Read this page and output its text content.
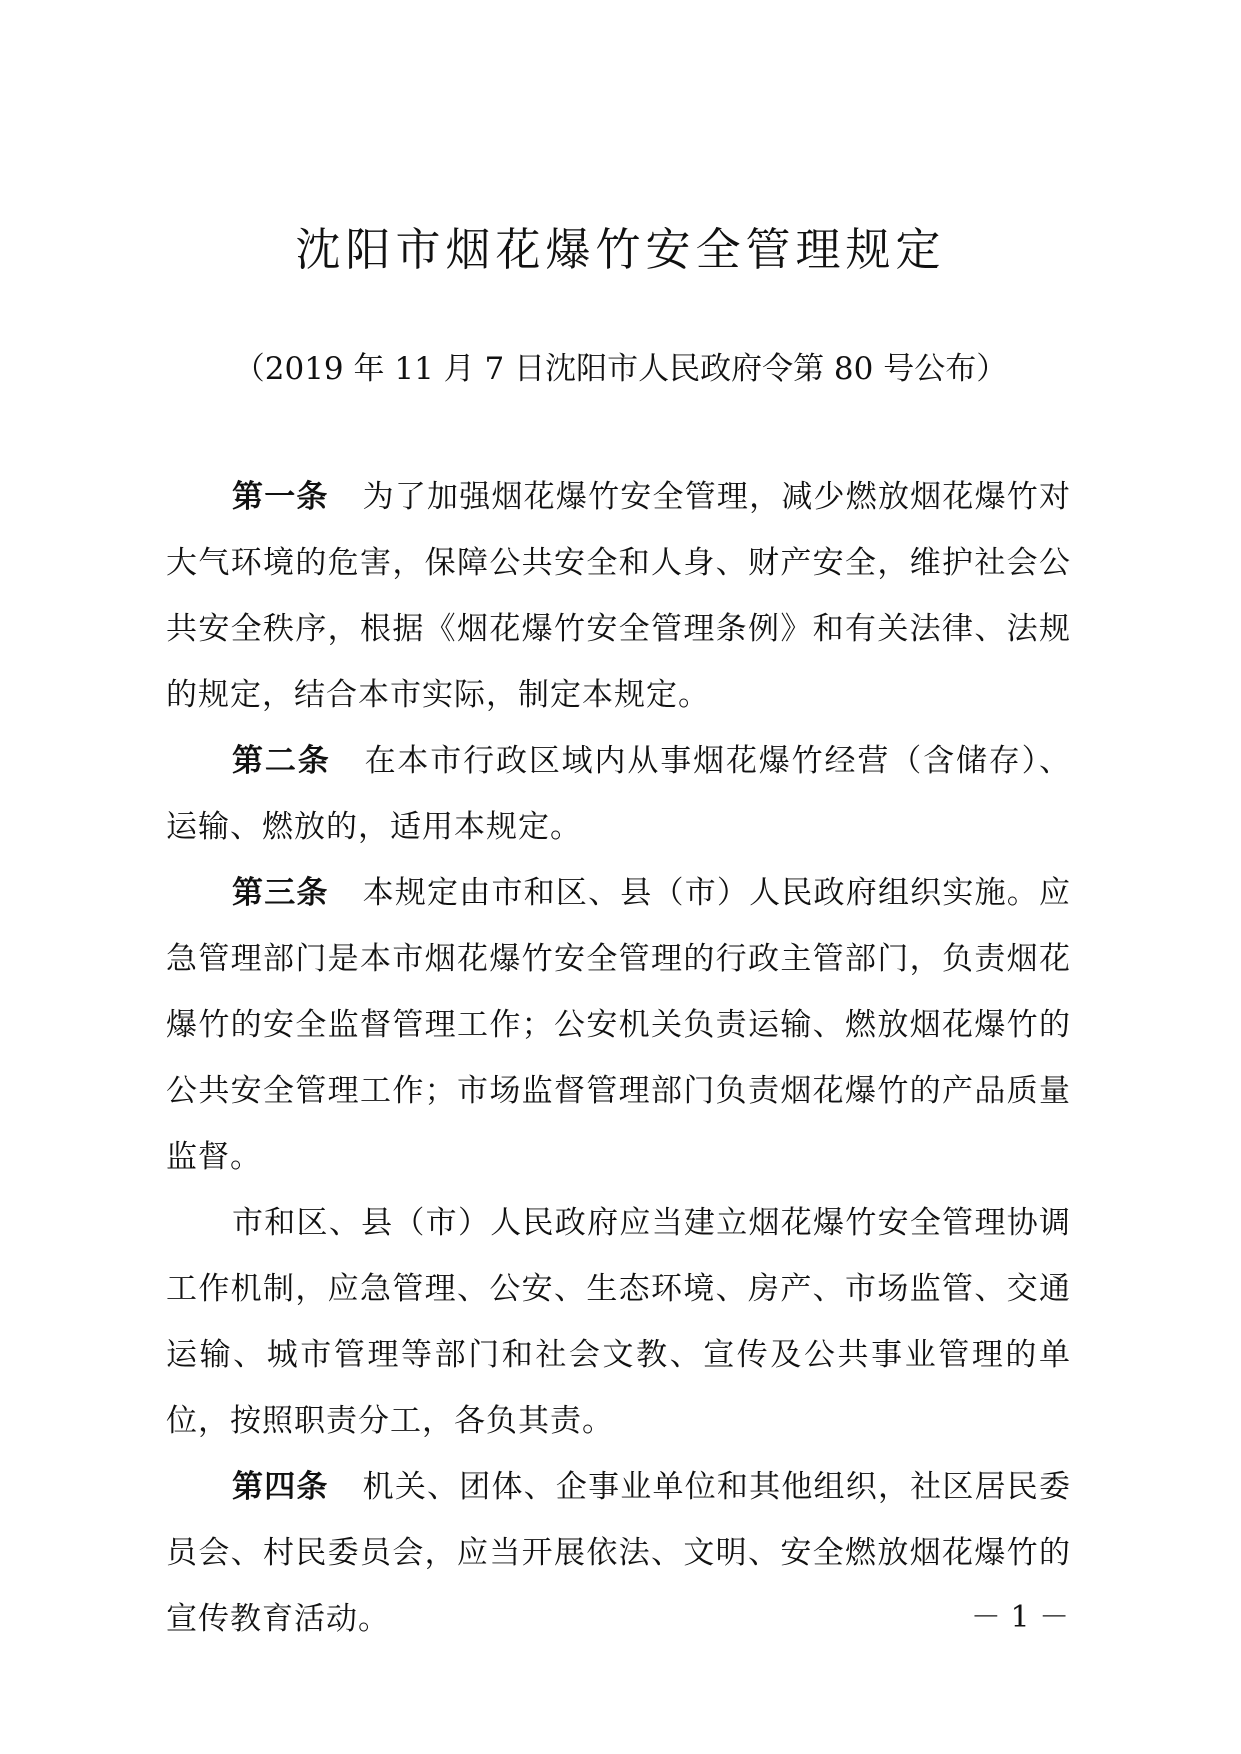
沈阳市烟花爆竹安全管理规定

（2019 年 11 月 7 日沈阳市人民政府令第 80 号公布）

第一条 为了加强烟花爆竹安全管理，减少燃放烟花爆竹对大气环境的危害，保障公共安全和人身、财产安全，维护社会公共安全秩序，根据《烟花爆竹安全管理条例》和有关法律、法规的规定，结合本市实际，制定本规定。

第二条 在本市行政区域内从事烟花爆竹经营（含储存）、运输、燃放的，适用本规定。

第三条 本规定由市和区、县（市）人民政府组织实施。应急管理部门是本市烟花爆竹安全管理的行政主管部门，负责烟花爆竹的安全监督管理工作；公安机关负责运输、燃放烟花爆竹的公共安全管理工作；市场监督管理部门负责烟花爆竹的产品质量监督。

市和区、县（市）人民政府应当建立烟花爆竹安全管理协调工作机制，应急管理、公安、生态环境、房产、市场监管、交通运输、城市管理等部门和社会文教、宣传及公共事业管理的单位，按照职责分工，各负其责。

第四条 机关、团体、企事业单位和其他组织，社区居民委员会、村民委员会，应当开展依法、文明、安全燃放烟花爆竹的宣传教育活动。	－ 1 －
